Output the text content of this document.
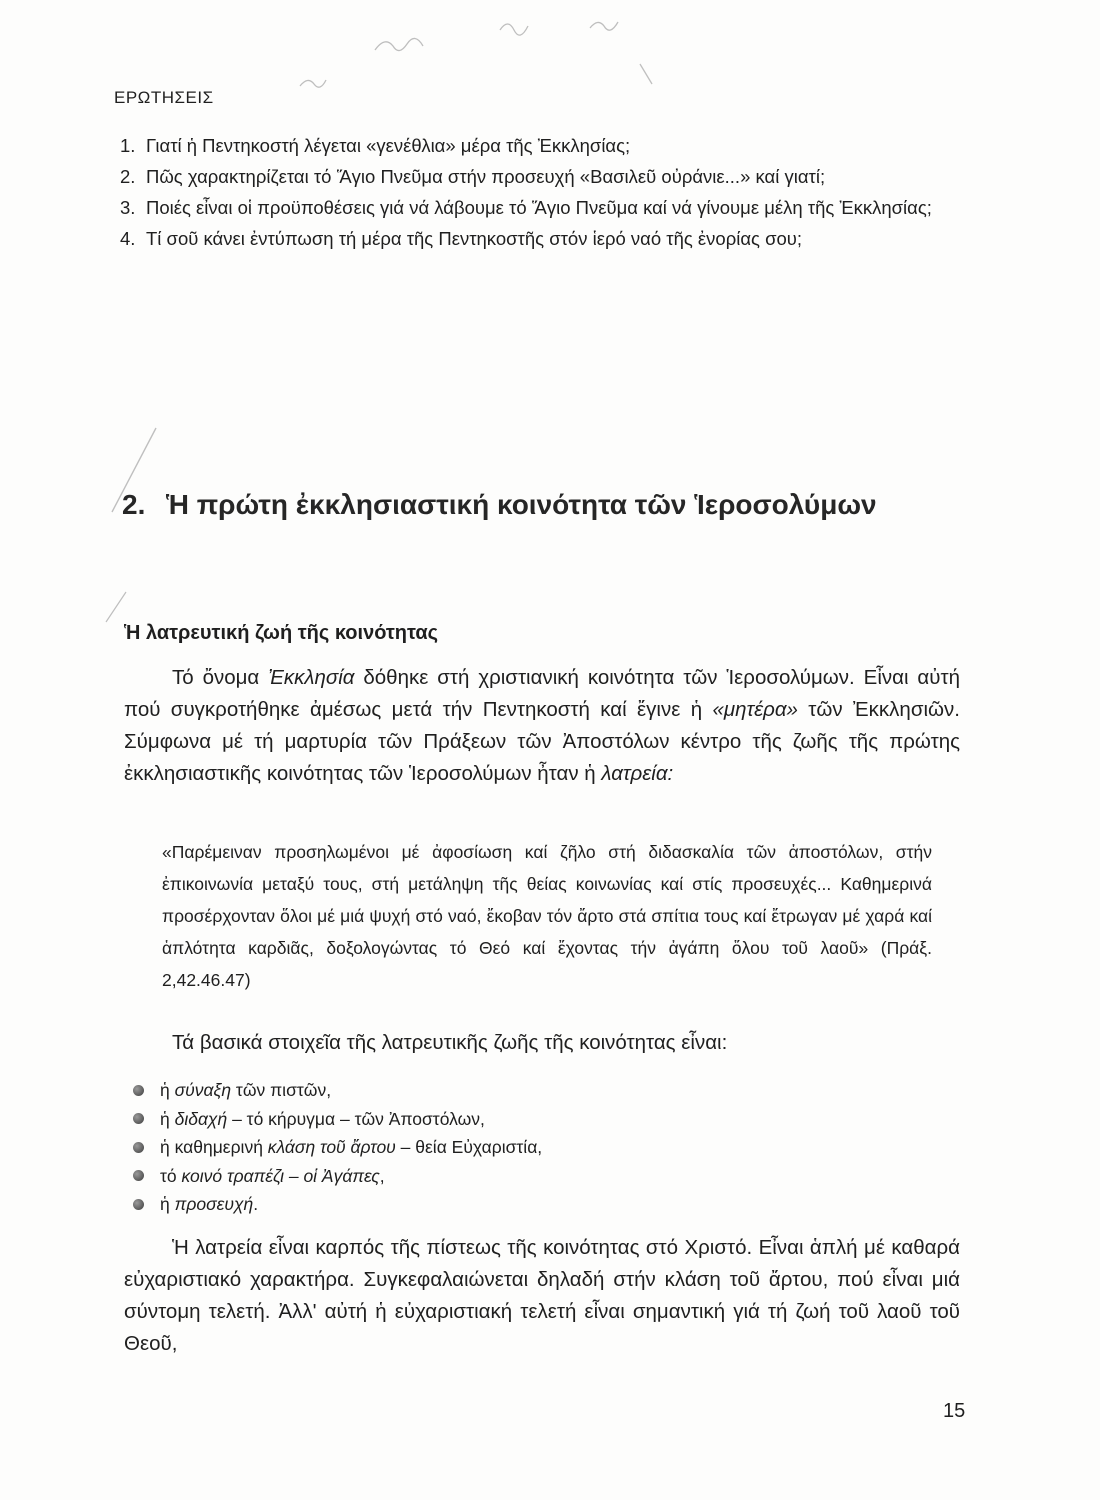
ΕΡΩΤΗΣΕΙΣ
1. Γιατί ἡ Πεντηκοστή λέγεται «γενέθλια» μέρα τῆς Ἐκκλησίας;
2. Πῶς χαρακτηρίζεται τό Ἅγιο Πνεῦμα στήν προσευχή «Βασιλεῦ οὐράνιε...» καί γιατί;
3. Ποιές εἶναι οἱ προϋποθέσεις γιά νά λάβουμε τό Ἅγιο Πνεῦμα καί νά γίνουμε μέλη τῆς Ἐκκλησίας;
4. Τί σοῦ κάνει ἐντύπωση τή μέρα τῆς Πεντηκοστῆς στόν ἱερό ναό τῆς ἐνορίας σου;
2. Ἡ πρώτη ἐκκλησιαστική κοινότητα τῶν Ἱεροσολύμων
Ἡ λατρευτική ζωή τῆς κοινότητας

Τό ὄνομα Ἐκκλησία δόθηκε στή χριστιανική κοινότητα τῶν Ἱεροσολύμων. Εἶναι αὐτή πού συγκροτήθηκε ἀμέσως μετά τήν Πεντηκοστή καί ἔγινε ἡ «μητέρα» τῶν Ἐκκλησιῶν. Σύμφωνα μέ τή μαρτυρία τῶν Πράξεων τῶν Ἀποστόλων κέντρο τῆς ζωῆς τῆς πρώτης ἐκκλησιαστικῆς κοινότητας τῶν Ἱεροσολύμων ἦταν ἡ λατρεία:

«Παρέμειναν προσηλωμένοι μέ ἀφοσίωση καί ζῆλο στή διδασκαλία τῶν ἀποστόλων, στήν ἐπικοινωνία μεταξύ τους, στή μετάληψη τῆς θείας κοινωνίας καί στίς προσευχές... Καθημερινά προσέρχονταν ὅλοι μέ μιά ψυχή στό ναό, ἔκοβαν τόν ἄρτο στά σπίτια τους καί ἔτρωγαν μέ χαρά καί ἁπλότητα καρδιᾶς, δοξολογώντας τό Θεό καί ἔχοντας τήν ἀγάπη ὅλου τοῦ λαοῦ» (Πράξ. 2,42.46.47)

Τά βασικά στοιχεῖα τῆς λατρευτικῆς ζωῆς τῆς κοινότητας εἶναι:

ἡ σύναξη τῶν πιστῶν,
ἡ διδαχή – τό κήρυγμα – τῶν Ἀποστόλων,
ἡ καθημερινή κλάση τοῦ ἄρτου – θεία Εὐχαριστία,
τό κοινό τραπέζι – οἱ Ἀγάπες,
ἡ προσευχή.

Ἡ λατρεία εἶναι καρπός τῆς πίστεως τῆς κοινότητας στό Χριστό. Εἶναι ἁπλή μέ καθαρά εὐχαριστιακό χαρακτήρα. Συγκεφαλαιώνεται δηλαδή στήν κλάση τοῦ ἄρτου, πού εἶναι μιά σύντομη τελετή. Ἀλλ' αὐτή ἡ εὐχαριστιακή τελετή εἶναι σημαντική γιά τή ζωή τοῦ λαοῦ τοῦ Θεοῦ,

15
